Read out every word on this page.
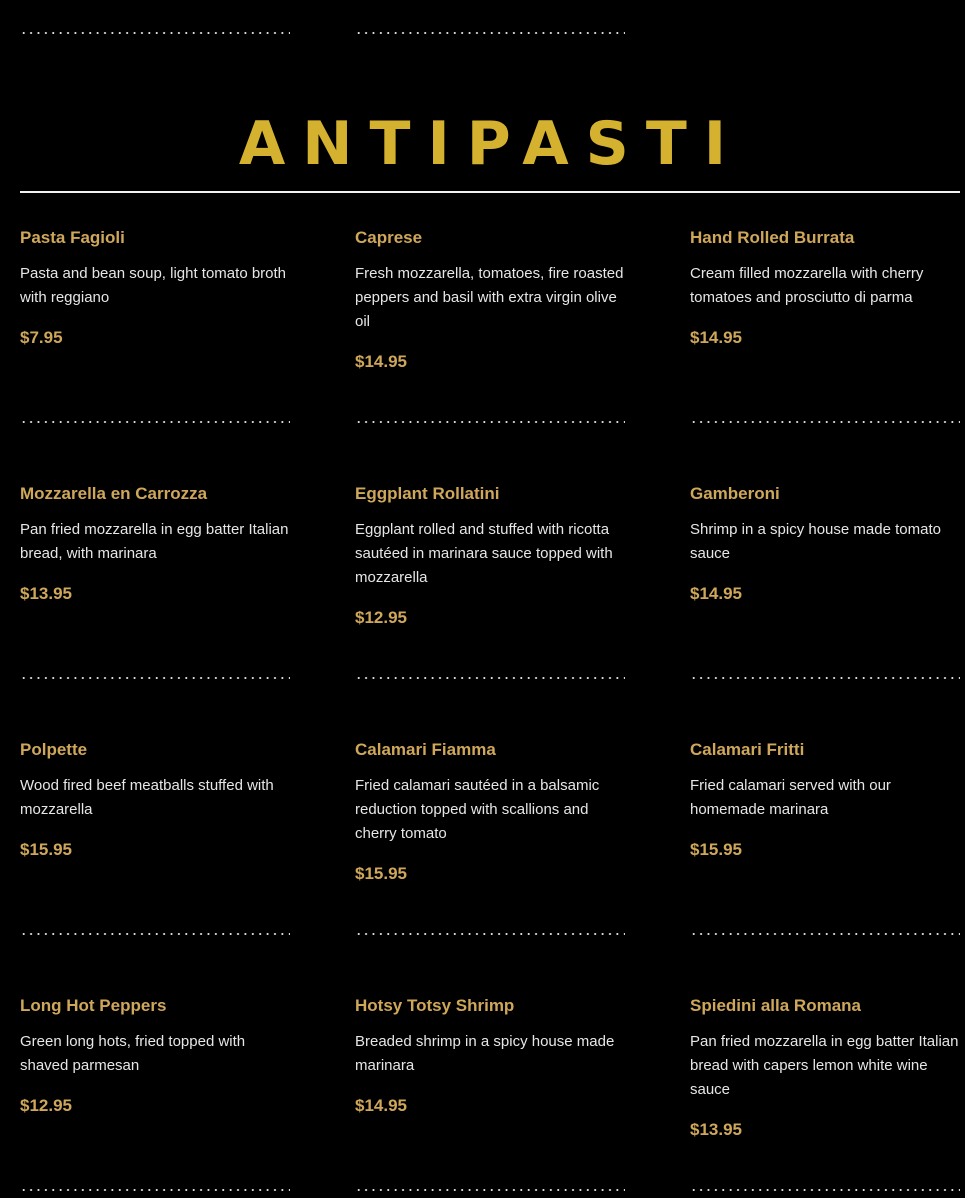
ANTIPASTI

Pasta Fagioli

Pasta and bean soup, light tomato broth with reggiano

$7.95

Caprese

Fresh mozzarella, tomatoes, fire roasted peppers and basil with extra virgin olive oil

$14.95

Hand Rolled Burrata

Cream filled mozzarella with cherry tomatoes and prosciutto di parma

$14.95

Mozzarella en Carrozza

Pan fried mozzarella in egg batter Italian bread, with marinara

$13.95

Eggplant Rollatini

Eggplant rolled and stuffed with ricotta sautéed in marinara sauce topped with mozzarella

$12.95

Gamberoni

Shrimp in a spicy house made tomato sauce

$14.95

Polpette

Wood fired beef meatballs stuffed with mozzarella

$15.95

Calamari Fiamma

Fried calamari sautéed in a balsamic reduction topped with scallions and cherry tomato

$15.95

Calamari Fritti

Fried calamari served with our homemade marinara

$15.95

Long Hot Peppers

Green long hots, fried topped with shaved parmesan

$12.95

Hotsy Totsy Shrimp

Breaded shrimp in a spicy house made marinara

$14.95

Spiedini alla Romana

Pan fried mozzarella in egg batter Italian bread with capers lemon white wine sauce

$13.95
